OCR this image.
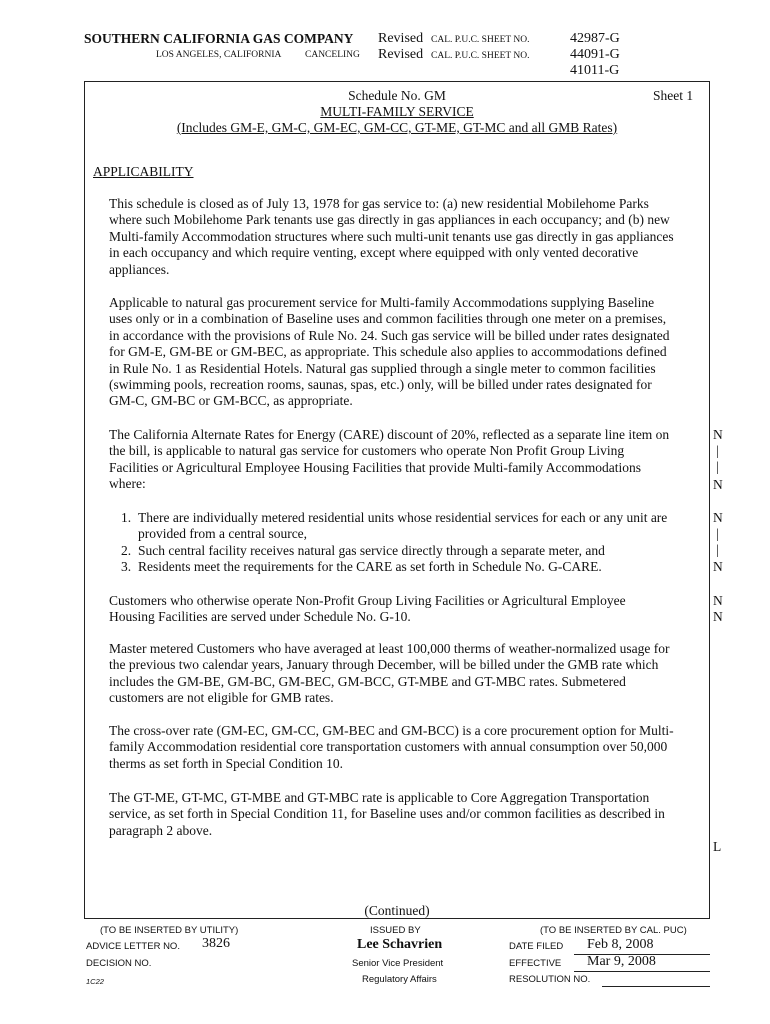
SOUTHERN CALIFORNIA GAS COMPANY
LOS ANGELES, CALIFORNIA CANCELING
Revised
Revised
CAL. P.U.C. SHEET NO.
CAL. P.U.C. SHEET NO.
42987-G
44091-G
41011-G
Schedule No. GM
MULTI-FAMILY SERVICE
(Includes GM-E, GM-C, GM-EC, GM-CC, GT-ME, GT-MC and all GMB Rates)
Sheet 1
APPLICABILITY
This schedule is closed as of July 13, 1978 for gas service to: (a) new residential Mobilehome Parks
where such Mobilehome Park tenants use gas directly in gas appliances in each occupancy; and (b) new
Multi-family Accommodation structures where such multi-unit tenants use gas directly in gas appliances
in each occupancy and which require venting, except where equipped with only vented decorative
appliances.
Applicable to natural gas procurement service for Multi-family Accommodations supplying Baseline
uses only or in a combination of Baseline uses and common facilities through one meter on a premises,
in accordance with the provisions of Rule No. 24. Such gas service will be billed under rates designated
for GM-E, GM-BE or GM-BEC, as appropriate. This schedule also applies to accommodations defined
in Rule No. 1 as Residential Hotels. Natural gas supplied through a single meter to common facilities
(swimming pools, recreation rooms, saunas, spas, etc.) only, will be billed under rates designated for
GM-C, GM-BC or GM-BCC, as appropriate.
The California Alternate Rates for Energy (CARE) discount of 20%, reflected as a separate line item on
the bill, is applicable to natural gas service for customers who operate Non Profit Group Living
Facilities or Agricultural Employee Housing Facilities that provide Multi-family Accommodations
where:
1. There are individually metered residential units whose residential services for each or any unit are
provided from a central source,
2. Such central facility receives natural gas service directly through a separate meter, and
3. Residents meet the requirements for the CARE as set forth in Schedule No. G-CARE.
Customers who otherwise operate Non-Profit Group Living Facilities or Agricultural Employee
Housing Facilities are served under Schedule No. G-10.
Master metered Customers who have averaged at least 100,000 therms of weather-normalized usage for
the previous two calendar years, January through December, will be billed under the GMB rate which
includes the GM-BE, GM-BC, GM-BEC, GM-BCC, GT-MBE and GT-MBC rates. Submetered
customers are not eligible for GMB rates.
The cross-over rate (GM-EC, GM-CC, GM-BEC and GM-BCC) is a core procurement option for Multi-
family Accommodation residential core transportation customers with annual consumption over 50,000
therms as set forth in Special Condition 10.
The GT-ME, GT-MC, GT-MBE and GT-MBC rate is applicable to Core Aggregation Transportation
service, as set forth in Special Condition 11, for Baseline uses and/or common facilities as described in
paragraph 2 above.
N
|
|
N
N
|
|
N
N
N
L
(Continued)
(TO BE INSERTED BY UTILITY)
ADVICE LETTER NO. 3826
DECISION NO.
1C22
ISSUED BY
Lee Schavrien
Senior Vice President
Regulatory Affairs
(TO BE INSERTED BY CAL. PUC)
DATE FILED Feb 8, 2008
EFFECTIVE Mar 9, 2008
RESOLUTION NO.
